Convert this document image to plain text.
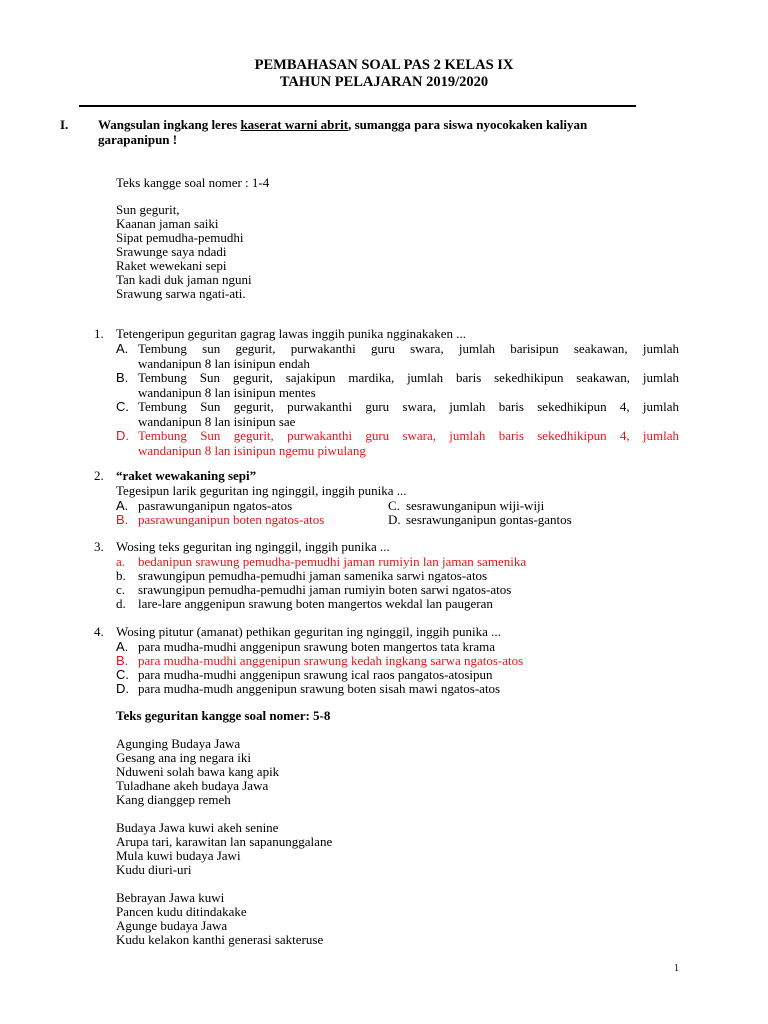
PEMBAHASAN SOAL PAS 2 KELAS IX
TAHUN PELAJARAN 2019/2020
I. Wangsulan ingkang leres kaserat warni abrit, sumangga para siswa nyocokaken kaliyan
garapanipun !
Teks kangge soal nomer : 1-4
Sun gegurit,
Kaanan jaman saiki
Sipat pemudha-pemudhi
Srawunge saya ndadi
Raket wewekani sepi
Tan kadi duk jaman nguni
Srawung sarwa ngati-ati.
1. Tetengeripun geguritan gagrag lawas inggih punika ngginakaken ...
A. Tembung sun gegurit, purwakanthi guru swara, jumlah barisipun seakawan, jumlah
wandanipun 8 lan isinipun endah
B. Tembung Sun gegurit, sajakipun mardika, jumlah baris sekedhikipun seakawan, jumlah
wandanipun 8 lan isinipun mentes
C. Tembung Sun gegurit, purwakanthi guru swara, jumlah baris sekedhikipun 4, jumlah
wandanipun 8 lan isinipun sae
D. Tembung Sun gegurit, purwakanthi guru swara, jumlah baris sekedhikipun 4, jumlah
wandanipun 8 lan isinipun ngemu piwulang
2. “raket wewakaning sepi”
Tegesipun larik geguritan ing nginggil, inggih punika ...
A. pasrawunganipun ngatos-atos	C. sesrawunganipun wiji-wiji
B. pasrawunganipun boten ngatos-atos	D. sesrawunganipun gontas-gantos
3. Wosing teks geguritan ing nginggil, inggih punika ...
a. bedanipun srawung pemudha-pemudhi jaman rumiyin lan jaman samenika
b. srawungipun pemudha-pemudhi jaman samenika sarwi ngatos-atos
c. srawungipun pemudha-pemudhi jaman rumiyin boten sarwi ngatos-atos
d. lare-lare anggenipun srawung boten mangertos wekdal lan paugeran
4. Wosing pitutur (amanat) pethikan geguritan ing nginggil, inggih punika ...
A. para mudha-mudhi anggenipun srawung boten mangertos tata krama
B. para mudha-mudhi anggenipun srawung kedah ingkang sarwa ngatos-atos
C. para mudha-mudhi anggenipun srawung ical raos pangatos-atosipun
D. para mudha-mudh anggenipun srawung boten sisah mawi ngatos-atos
Teks geguritan kangge soal nomer: 5-8
Agunging Budaya Jawa
Gesang ana ing negara iki
Nduweni solah bawa kang apik
Tuladhane akeh budaya Jawa
Kang dianggep remeh
Budaya Jawa kuwi akeh senine
Arupa tari, karawitan lan sapanunggalane
Mula kuwi budaya Jawi
Kudu diuri-uri
Bebrayan Jawa kuwi
Pancen kudu ditindakake
Agunge budaya Jawa
Kudu kelakon kanthi generasi sakteruse
1
